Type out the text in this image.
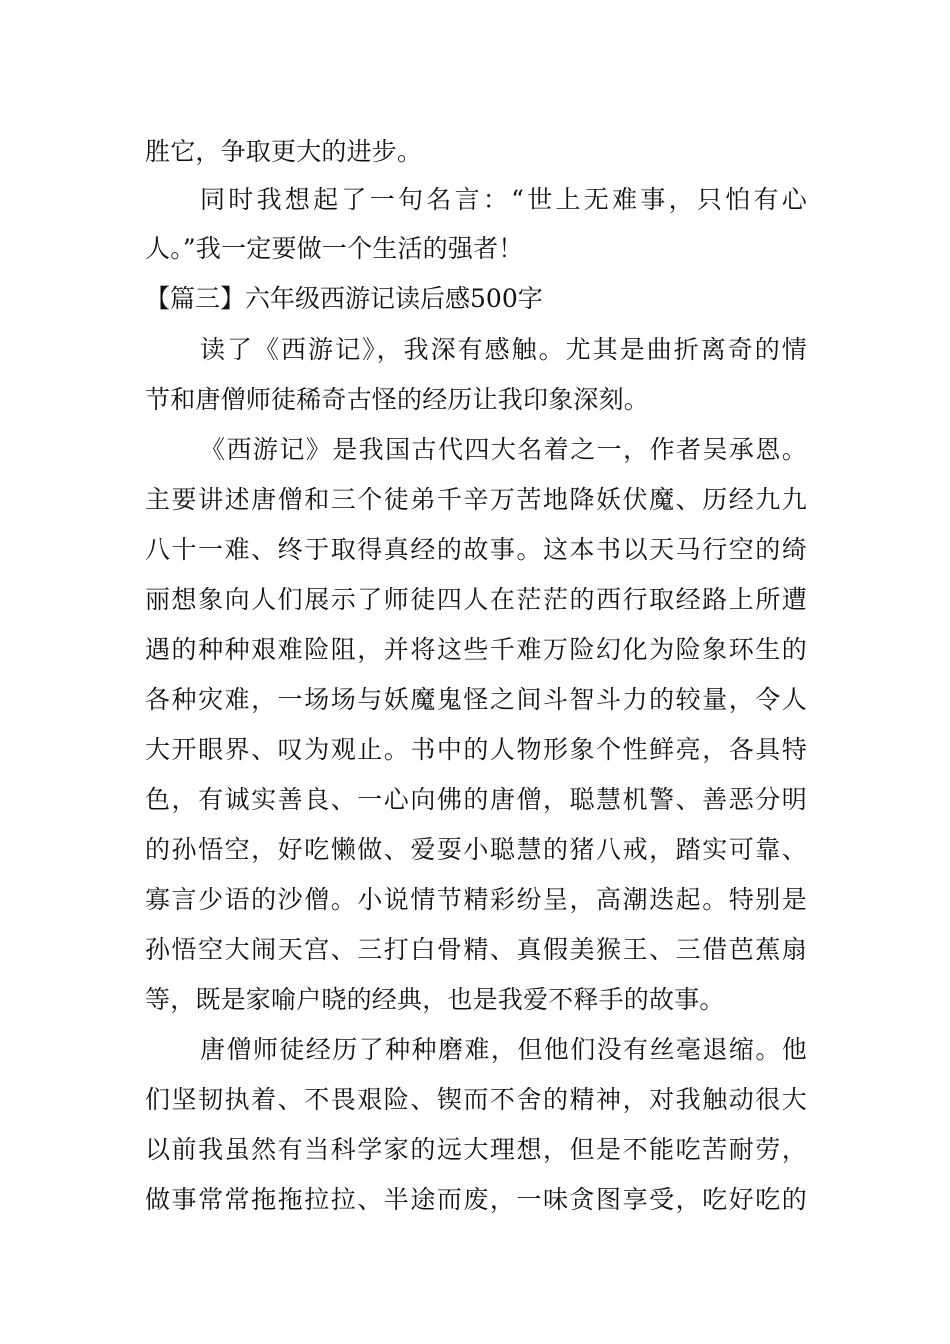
胜它，争取更大的进步。
同时我想起了一句名言：“世上无难事，只怕有心
人。”我一定要做一个生活的强者！
【篇三】六年级西游记读后感500字
读了《西游记》，我深有感触。尤其是曲折离奇的情
节和唐僧师徒稀奇古怪的经历让我印象深刻。
《西游记》是我国古代四大名着之一，作者吴承恩。
主要讲述唐僧和三个徒弟千辛万苦地降妖伏魔、历经九九
八十一难、终于取得真经的故事。这本书以天马行空的绮
丽想象向人们展示了师徒四人在茫茫的西行取经路上所遭
遇的种种艰难险阻，并将这些千难万险幻化为险象环生的
各种灾难，一场场与妖魔鬼怪之间斗智斗力的较量，令人
大开眼界、叹为观止。书中的人物形象个性鲜亮，各具特
色，有诚实善良、一心向佛的唐僧，聪慧机警、善恶分明
的孙悟空，好吃懒做、爱耍小聪慧的猪八戒，踏实可靠、
寡言少语的沙僧。小说情节精彩纷呈，高潮迭起。特别是
孙悟空大闹天宫、三打白骨精、真假美猴王、三借芭蕉扇
等，既是家喻户晓的经典，也是我爱不释手的故事。
唐僧师徒经历了种种磨难，但他们没有丝毫退缩。他
们坚韧执着、不畏艰险、锲而不舍的精神，对我触动很大
以前我虽然有当科学家的远大理想，但是不能吃苦耐劳，
做事常常拖拖拉拉、半途而废，一味贪图享受，吃好吃的
